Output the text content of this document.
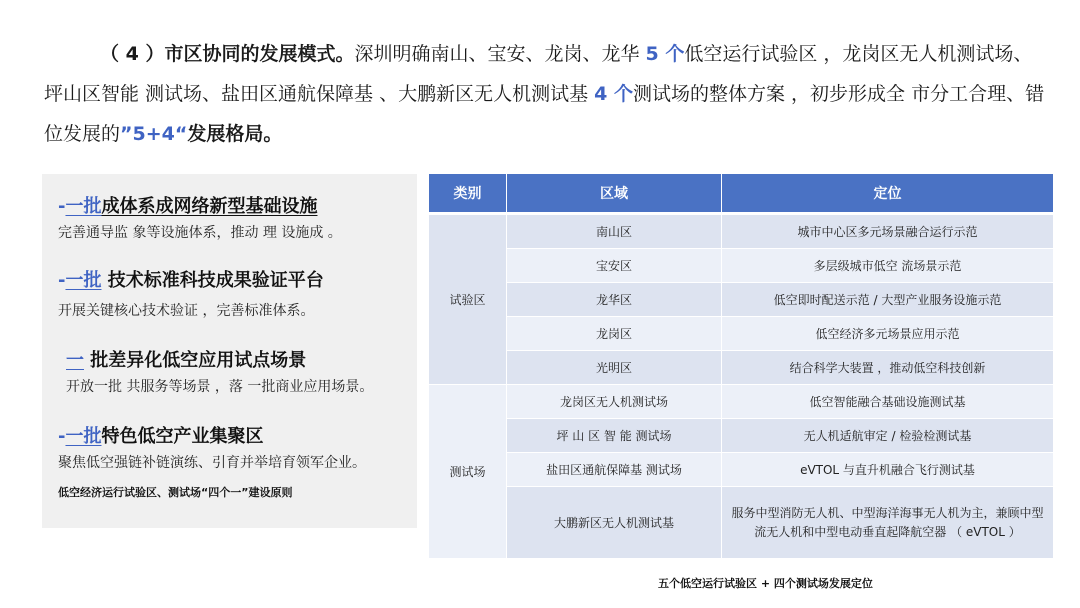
（ 4 ）市区协同的发展模式。深圳明确南山、宝安、龙岗、龙华 5 个低空运行试验区 ，龙岗区无人机测试场、 坪山区智能 测试场、盐田区通航保障基 、大鹏新区无人机测试基 4 个测试场的整体方案 ，初步形成全 市分工合理、错位发展的”5+4“发展格局。
-一批成体系成网络新型基础设施
完善通导监 象等设施体系，推动 理 设施成 。
-一批 技术标准科技成果验证平台
开展关键核心技术验证 ，完善标准体系。
一 批差异化低空应用试点场景
开放一批 共服务等场景 ，落 一批商业应用场景。
-一批特色低空产业集聚区
聚焦低空强链补链演练、引育并举培育领军企业。
低空经济运行试验区、测试场“四个一”建设原则
类别	区域	定位
试验区	南山区	城市中心区多元场景融合运行示范
	宝安区	多层级城市低空 流场景示范
	龙华区	低空即时配送示范 / 大型产业服务设施示范
	龙岗区	低空经济多元场景应用示范
	光明区	结合科学大装置 ，推动低空科技创新
测试场	龙岗区无人机测试场	低空智能融合基础设施测试基
	坪 山 区 智 能 测试场	无人机适航审定 / 检验检测试基
	盐田区通航保障基 测试场	eVTOL 与直升机融合飞行测试基
	大鹏新区无人机测试基	服务中型消防无人机、中型海洋海事无人机为主，兼顾中型 流无人机和中型电动垂直起降航空器 （ eVTOL ）
五个低空运行试验区 + 四个测试场发展定位
